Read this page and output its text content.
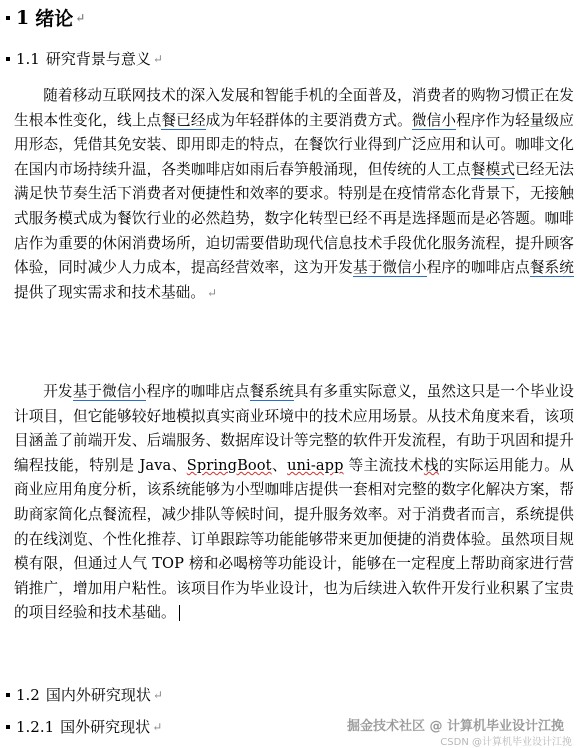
1 绪论 ↵
1.1 研究背景与意义 ↵
随着移动互联网技术的深入发展和智能手机的全面普及，消费者的购物习惯正在发生根本性变化，线上点餐已经成为年轻群体的主要消费方式。微信小程序作为轻量级应用形态，凭借其免安装、即用即走的特点，在餐饮行业得到广泛应用和认可。咖啡文化在国内市场持续升温，各类咖啡店如雨后春笋般涌现，但传统的人工点餐模式已经无法满足快节奏生活下消费者对便捷性和效率的要求。特别是在疫情常态化背景下，无接触式服务模式成为餐饮行业的必然趋势，数字化转型已经不再是选择题而是必答题。咖啡店作为重要的休闲消费场所，迫切需要借助现代信息技术手段优化服务流程，提升顾客体验，同时减少人力成本，提高经营效率，这为开发基于微信小程序的咖啡店点餐系统提供了现实需求和技术基础。 ↵
开发基于微信小程序的咖啡店点餐系统具有多重实际意义，虽然这只是一个毕业设计项目，但它能够较好地模拟真实商业环境中的技术应用场景。从技术角度来看，该项目涵盖了前端开发、后端服务、数据库设计等完整的软件开发流程，有助于巩固和提升编程技能，特别是 Java、SpringBoot、uni-app 等主流技术栈的实际运用能力。从商业应用角度分析，该系统能够为小型咖啡店提供一套相对完整的数字化解决方案，帮助商家简化点餐流程，减少排队等候时间，提升服务效率。对于消费者而言，系统提供的在线浏览、个性化推荐、订单跟踪等功能能够带来更加便捷的消费体验。虽然项目规模有限，但通过人气 TOP 榜和必喝榜等功能设计，能够在一定程度上帮助商家进行营销推广，增加用户粘性。该项目作为毕业设计，也为后续进入软件开发行业积累了宝贵的项目经验和技术基础。
1.2 国内外研究现状 ↵
1.2.1 国外研究现状 ↵	掘金技术社区 @ 计算机毕业设计江挽
CSDN @计算机毕业设计江挽
